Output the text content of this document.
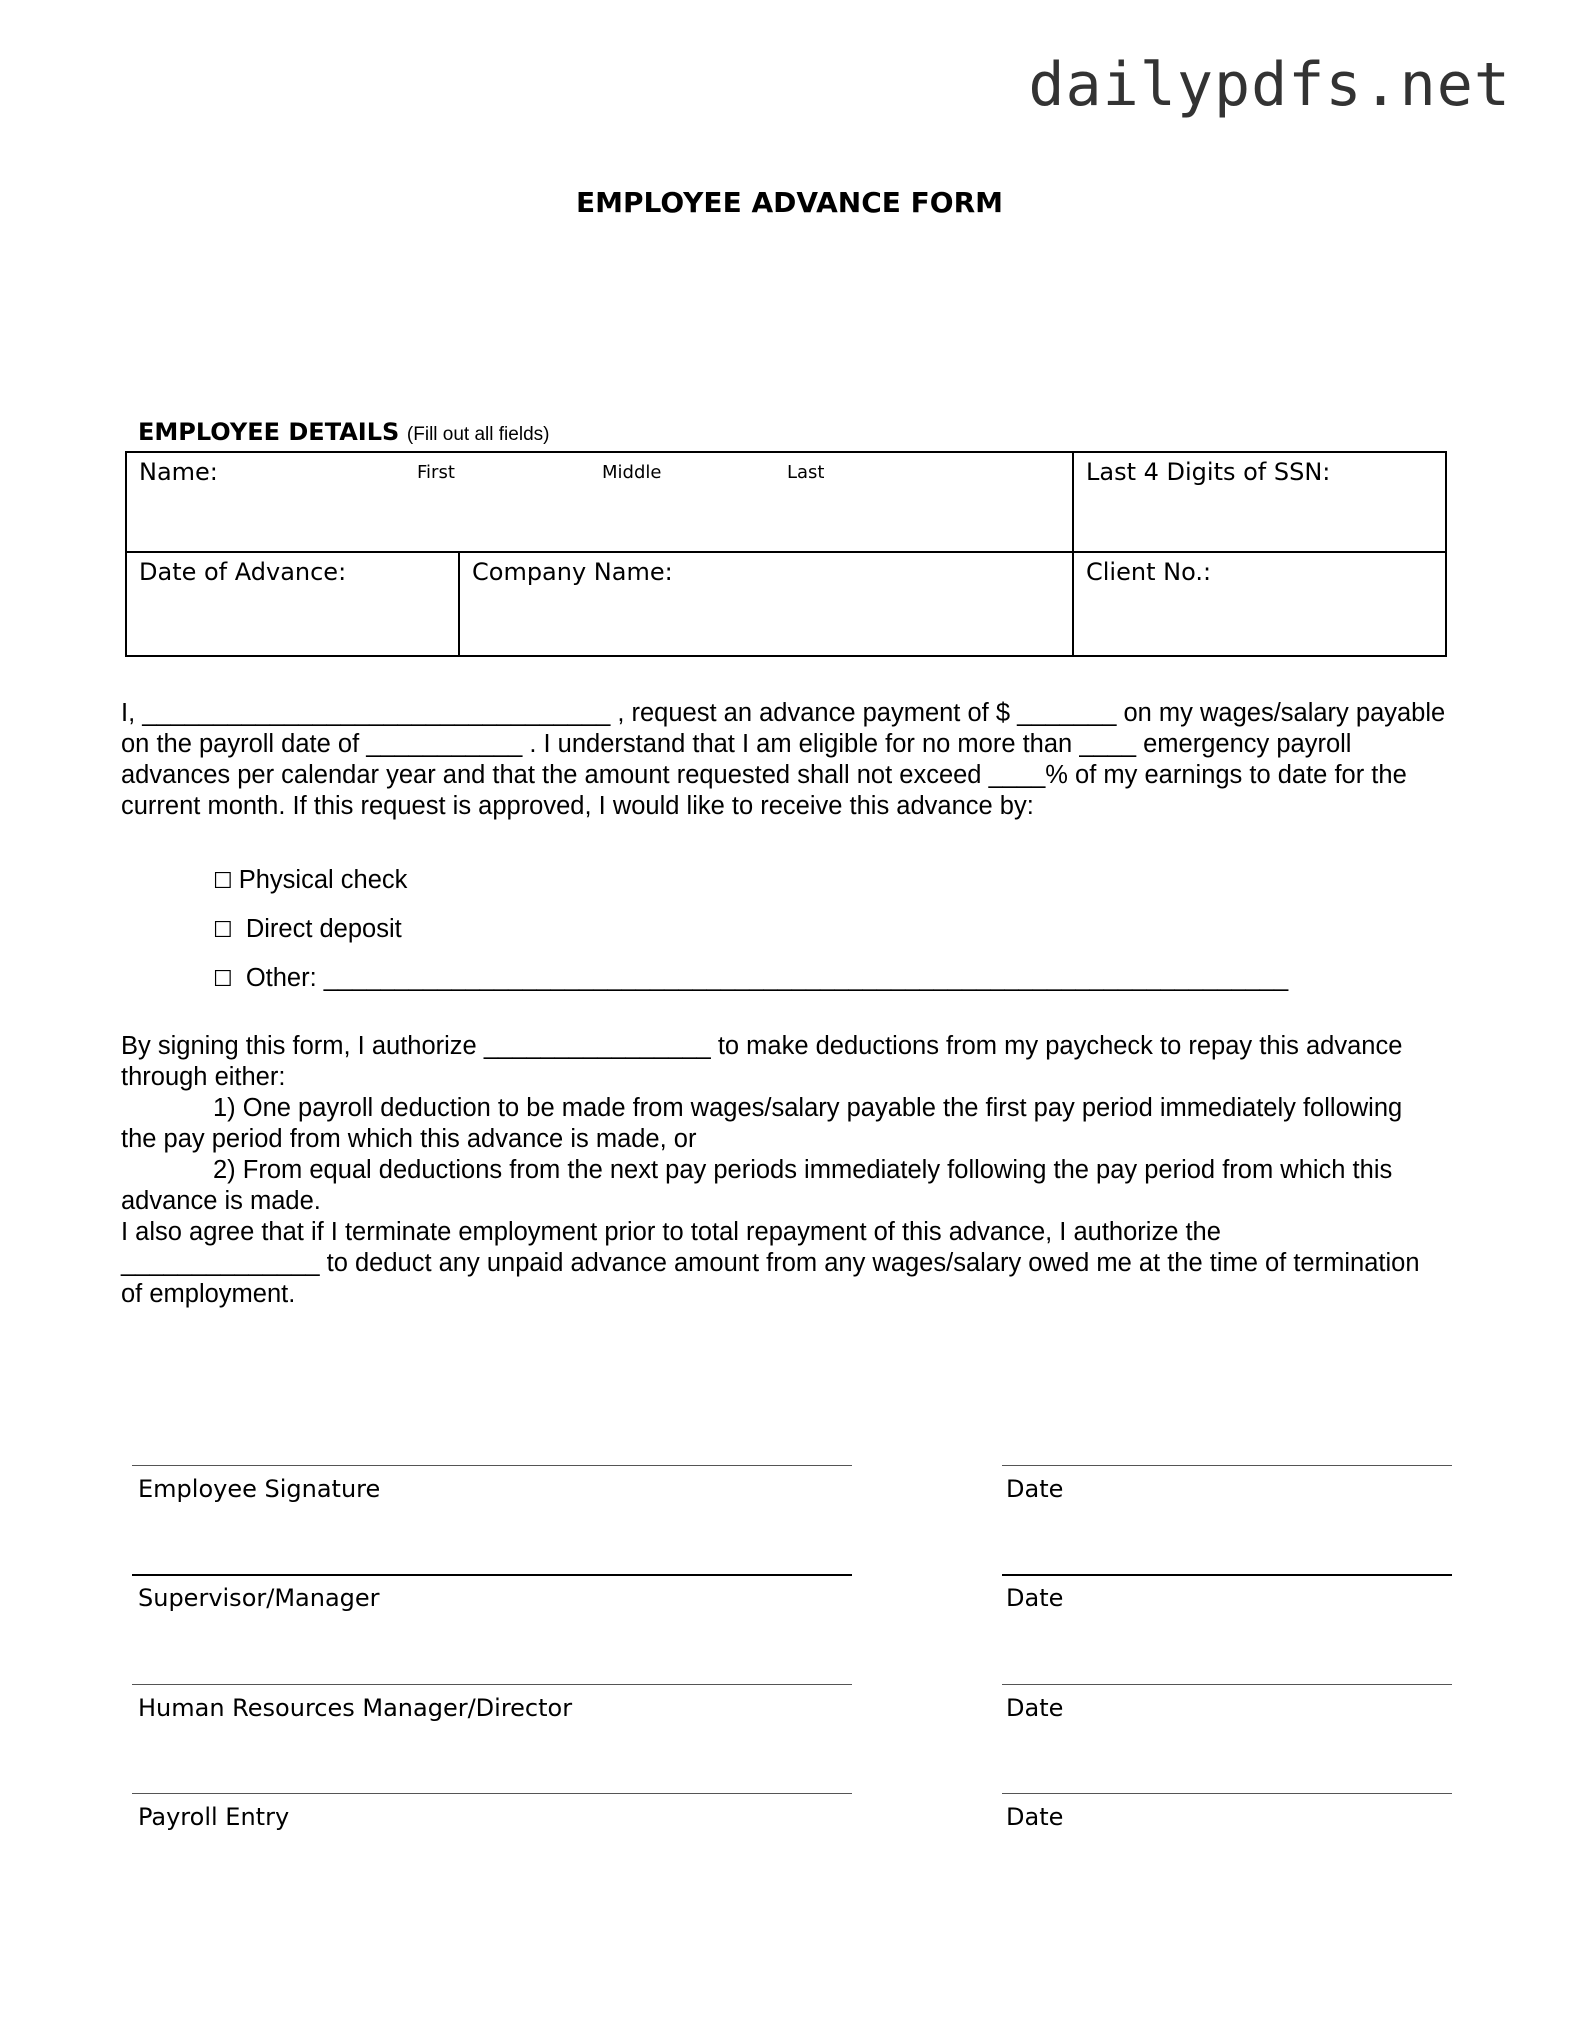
dailypdfs.net
EMPLOYEE ADVANCE FORM
EMPLOYEE DETAILS (Fill out all fields)
Name:	First	Middle	Last	Last 4 Digits of SSN:
Date of Advance:	Company Name:	Client No.:
I, _________________________________ , request an advance payment of $ _______ on my wages/salary payable
on the payroll date of ___________ . I understand that I am eligible for no more than ____ emergency payroll
advances per calendar year and that the amount requested shall not exceed ____% of my earnings to date for the
current month. If this request is approved, I would like to receive this advance by:
☐ Physical check
☐ Direct deposit
☐ Other: ____________________________________________________________________
By signing this form, I authorize ________________ to make deductions from my paycheck to repay this advance
through either:
1) One payroll deduction to be made from wages/salary payable the first pay period immediately following
the pay period from which this advance is made, or
2) From equal deductions from the next pay periods immediately following the pay period from which this
advance is made.
I also agree that if I terminate employment prior to total repayment of this advance, I authorize the
______________ to deduct any unpaid advance amount from any wages/salary owed me at the time of termination
of employment.
Employee Signature	Date
Supervisor/Manager	Date
Human Resources Manager/Director	Date
Payroll Entry	Date
